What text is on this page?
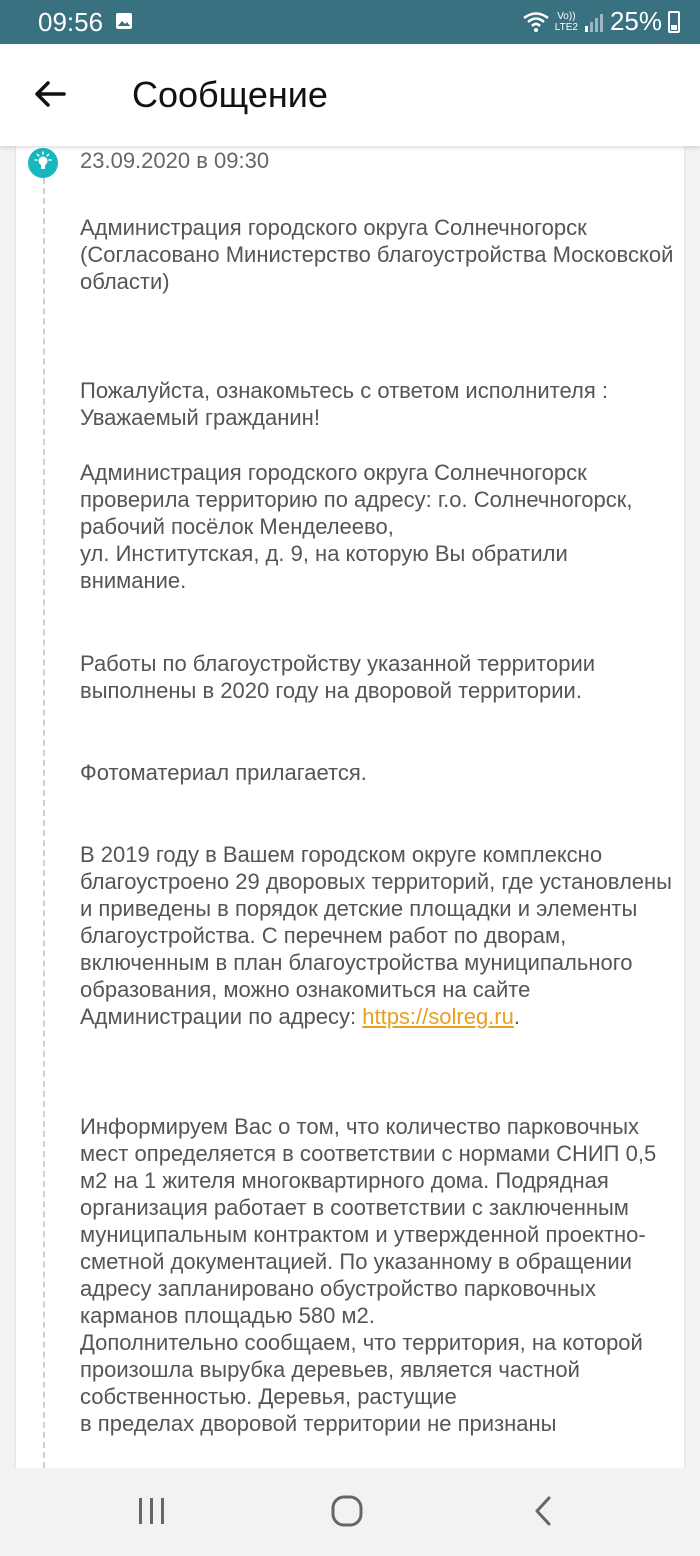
09:56	Vo))
LTE2 25%
Сообщение
23.09.2020 в 09:30

Администрация городского округа Солнечногорск
(Согласовано Министерство благоустройства Московской области)

Пожалуйста, ознакомьтесь с ответом исполнителя :
Уважаемый гражданин!

Администрация городского округа Солнечногорск проверила территорию по адресу: г.о. Солнечногорск, рабочий посёлок Менделеево,
ул. Институтская, д. 9, на которую Вы обратили внимание.

Работы по благоустройству указанной территории выполнены в 2020 году на дворовой территории.

Фотоматериал прилагается.

В 2019 году в Вашем городском округе комплексно благоустроено 29 дворовых территорий, где установлены и приведены в порядок детские площадки и элементы благоустройства. С перечнем работ по дворам, включенным в план благоустройства муниципального образования, можно ознакомиться на сайте Администрации по адресу: https://solreg.ru.

Информируем Вас о том, что количество парковочных мест определяется в соответствии с нормами СНИП 0,5 м2 на 1 жителя многоквартирного дома. Подрядная организация работает в соответствии с заключенным муниципальным контрактом и утвержденной проектно-сметной документацией. По указанному в обращении адресу запланировано обустройство парковочных карманов площадью 580 м2.
Дополнительно сообщаем, что территория, на которой произошла вырубка деревьев, является частной собственностью. Деревья, растущие
в пределах дворовой территории не признаны
